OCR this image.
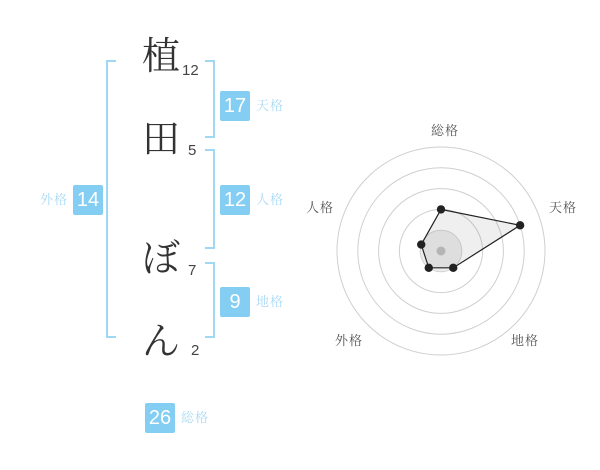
植
田
ぼ
ん
12
5
7
2
17 天格
12 人格
9	地格
外格 14
26 総格
総格
天格
地格
外格
人格
